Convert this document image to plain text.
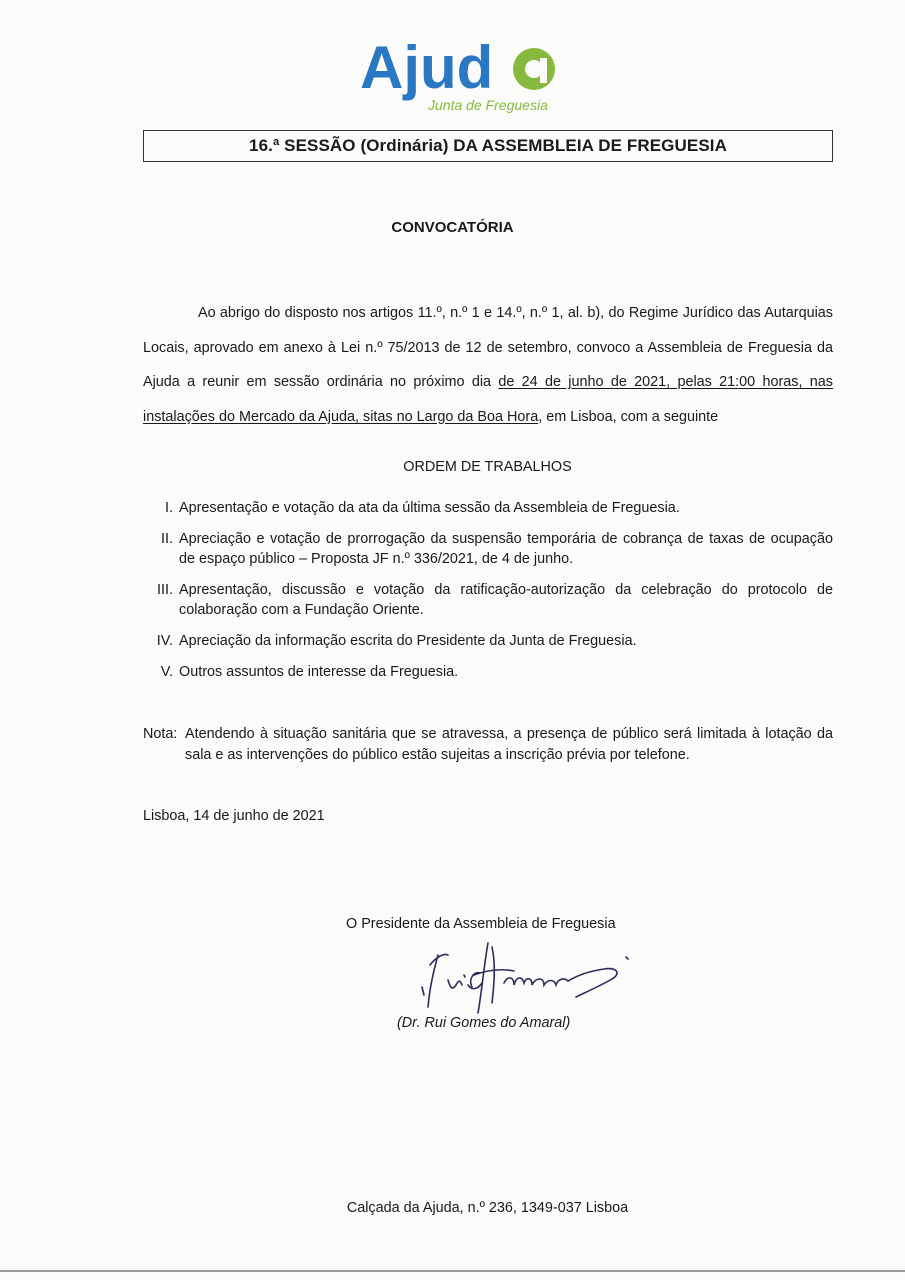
Ajud
Junta de Freguesia
16.ª SESSÃO (Ordinária) DA ASSEMBLEIA DE FREGUESIA
CONVOCATÓRIA
Ao abrigo do disposto nos artigos 11.º, n.º 1 e 14.º, n.º 1, al. b), do Regime Jurídico das Autarquias Locais, aprovado em anexo à Lei n.º 75/2013 de 12 de setembro, convoco a Assembleia de Freguesia da Ajuda a reunir em sessão ordinária no próximo dia de 24 de junho de 2021, pelas 21:00 horas, nas instalações do Mercado da Ajuda, sitas no Largo da Boa Hora, em Lisboa, com a seguinte
ORDEM DE TRABALHOS
I. Apresentação e votação da ata da última sessão da Assembleia de Freguesia.
II. Apreciação e votação de prorrogação da suspensão temporária de cobrança de taxas de ocupação de espaço público – Proposta JF n.º 336/2021, de 4 de junho.
III. Apresentação, discussão e votação da ratificação-autorização da celebração do protocolo de colaboração com a Fundação Oriente.
IV. Apreciação da informação escrita do Presidente da Junta de Freguesia.
V. Outros assuntos de interesse da Freguesia.
Nota: Atendendo à situação sanitária que se atravessa, a presença de público será limitada à lotação da sala e as intervenções do público estão sujeitas a inscrição prévia por telefone.
Lisboa, 14 de junho de 2021
O Presidente da Assembleia de Freguesia
(Dr. Rui Gomes do Amaral)
Calçada da Ajuda, n.º 236, 1349-037 Lisboa
